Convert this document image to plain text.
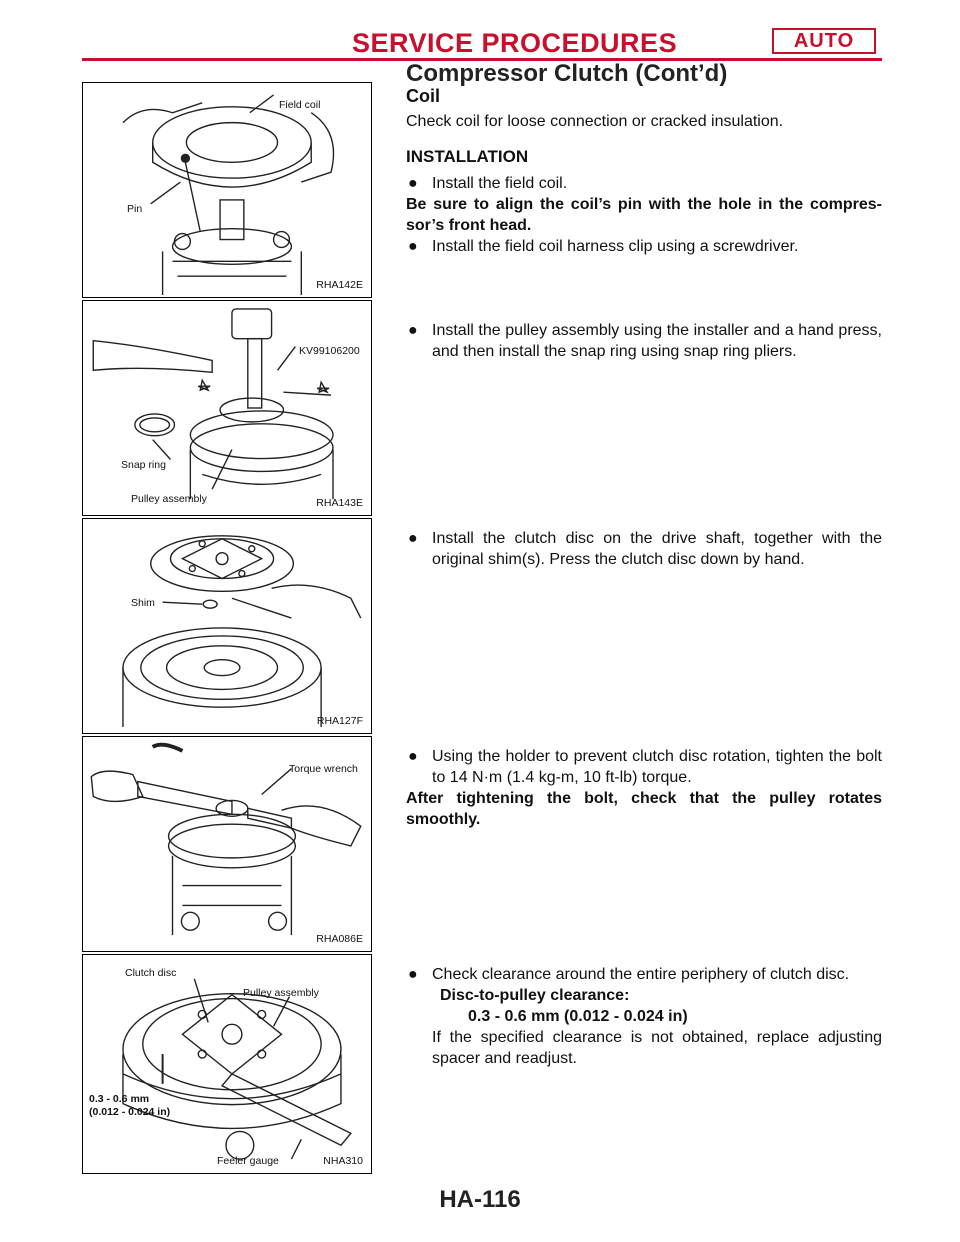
SERVICE PROCEDURES	AUTO
Compressor Clutch (Cont’d)
Field coil
Pin
RHA142E
KV99106200
Snap ring
Pulley assembly	RHA143E
Shim
RHA127F
Torque wrench
RHA086E
Clutch disc
Pulley assembly
0.3 - 0.6 mm
(0.012 - 0.024 in)
Feeler gauge	NHA310

Coil

Check coil for loose connection or cracked insulation.

INSTALLATION

● Install the field coil.

Be sure to align the coil’s pin with the hole in the compres- sor’s front head.

● Install the field coil harness clip using a screwdriver.
● Install the pulley assembly using the installer and a hand press, and then install the snap ring using snap ring pliers.
● Install the clutch disc on the drive shaft, together with the original shim(s). Press the clutch disc down by hand.
● Using the holder to prevent clutch disc rotation, tighten the bolt to 14 N·m (1.4 kg-m, 10 ft-lb) torque.

After tightening the bolt, check that the pulley rotates smoothly.

● Check clearance around the entire periphery of clutch disc.

Disc-to-pulley clearance:

0.3 - 0.6 mm (0.012 - 0.024 in)

If the specified clearance is not obtained, replace adjusting spacer and readjust.

HA-116
